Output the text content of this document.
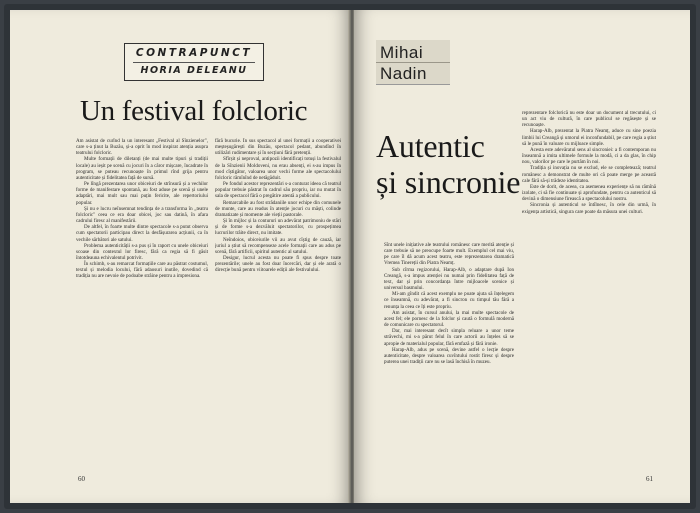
CONTRAPUNCT
HORIA DELEANU
Un festival folcloric

Am asistat de curînd la un interesant „Festival al Sînzienelor", care s-a ținut la Buzău, și-a oprit în mod inspirat atenția asupra teatrului folcloric.

Multe formații de diletanți (de mai multe tipuri și tradiții locale) au ieșit pe scenă cu jocuri în a căror mișcare, încadrate în program, se puteau recunoaște în primul rînd grija pentru autenticitate și fidelitatea față de sursă.

Pe lîngă prezentarea unor obiceiuri de strînsură și a vechilor forme de manifestare spontană, au fost aduse pe scenă și unele adaptări, mai mult sau mai puțin fericite, ale repertoriului popular.

Și nu e lucru neînsemnat tendința de a transforma în „teatru folcloric" ceea ce era doar obicei, joc sau datină, în afara cadrului firesc al manifestării.

De altfel, în foarte multe dintre spectacole s-a putut observa cum spectatorii participau direct la desfășurarea acțiunii, ca în vechile sărbători ale satului.

Problema autenticității s-a pus și în raport cu unele obiceiuri scoase din contextul lor firesc, fără ca regia să fi găsit întotdeauna echivalentul potrivit.

În schimb, s-au remarcat formațiile care au păstrat costumul, textul și melodia locului, fără adaosuri inutile, dovedind că tradiția nu are nevoie de podoabe străine pentru a impresiona.

fără bucurie. În sus spectacol al unei formații a cooperativei meșteșugărești din Buzău, spectacol pedant, abundînd în utilizări rudimentare și în secțiuni fără pretenții.

Sfîrșit și neproval, antipozii identificați totuși la festivalul de la Sînzienii Moldoveni, nu erau absenți, ei s-au impus în mod cîștigător, valoarea unor vechi forme ale spectacolului folcloric rămînînd de netăgăduit.

Pe fondul acestor reprezentări s-a conturat ideea că teatrul popular trebuie păstrat în cadrul său propriu, iar nu mutat în sala de spectacol fără o pregătire atentă a publicului.

Remarcabile au fost strădaniile unor echipe din comunele de munte, care au readus în atenție jocuri cu măști, colinde dramatizate și momente ale vieții pastorale.

Și în mijloc și la contururi un adevărat patrimoniu de stări și de forme s-a dezvăluit spectatorilor, cu prospețimea lucrurilor trăite direct, nu imitate.

Neîndoios, obiceiurile vii au avut cîștig de cauză, iar juriul a știut să recompenseze acele formații care au adus pe scenă, fără artificii, spiritul autentic al satului.

Desigur, lucrul acesta nu poate fi spus despre toate prezentările; unele au fost doar încercări, dar și ele arată o direcție bună pentru viitoarele ediții ale festivalului.

60
Mihai
Nadin
Autentic
și sincronie

Sînt unele inițiative ale teatrului românesc care merită atenție și care trebuie să ne preocupe foarte mult. Exemplul cel mai viu, pe care îl dă acum acest teatru, este reprezentarea dramatică Vremea Tinereții din Piatra Neamț.

Sub cîrma regizorului, Harap-Alb, o adaptare după Ion Creangă, s-a impus atenției nu numai prin fidelitatea față de text, dar și prin concordanța între mijloacele scenice și universul basmului.

Mi-am gîndit că acest exemplu ne poate ajuta să înțelegem ce înseamnă, cu adevărat, a fi sincron cu timpul tău fără a renunța la ceea ce îți este propriu.

Am asistat, în cursul anului, la mai multe spectacole de acest fel; ele pornesc de la folclor și caută o formulă modernă de comunicare cu spectatorul.

Dar, mai interesant decît simpla reluare a unor teme străvechi, mi s-a părut felul în care actorii au înțeles să se apropie de materialul popular, fără emfază și fără ironie.

Harap-Alb, adus pe scenă, devine astfel o lecție despre autenticitate, despre valoarea cuvîntului rostit firesc și despre puterea unei tradiții care nu se lasă închisă în muzeu.

reprezentare folclorică nu este doar un document al trecutului, ci un act viu de cultură, în care publicul se regăsește și se recunoaște.

Harap-Alb, prezentat la Piatra Neamț, aduce cu sine poezia limbii lui Creangă și umorul ei inconfundabil, pe care regia a știut să le pună în valoare cu mijloace simple.

Acesta este adevăratul sens al sincroniei: a fi contemporan nu înseamnă a imita ultimele formule la modă, ci a da glas, în chip nou, valorilor pe care le purtăm în noi.

Tradiția și inovația nu se exclud, ele se completează; teatrul românesc a demonstrat de multe ori că poate merge pe această cale fără să-și trădeze identitatea.

Este de dorit, de aceea, ca asemenea experiențe să nu rămînă izolate, ci să fie continuate și aprofundate, pentru ca autenticul să devină o dimensiune firească a spectacolului nostru.

Sincronia și autenticul se întîlnesc, în cele din urmă, în exigența artistică, singura care poate da măsura unei culturi.

61
